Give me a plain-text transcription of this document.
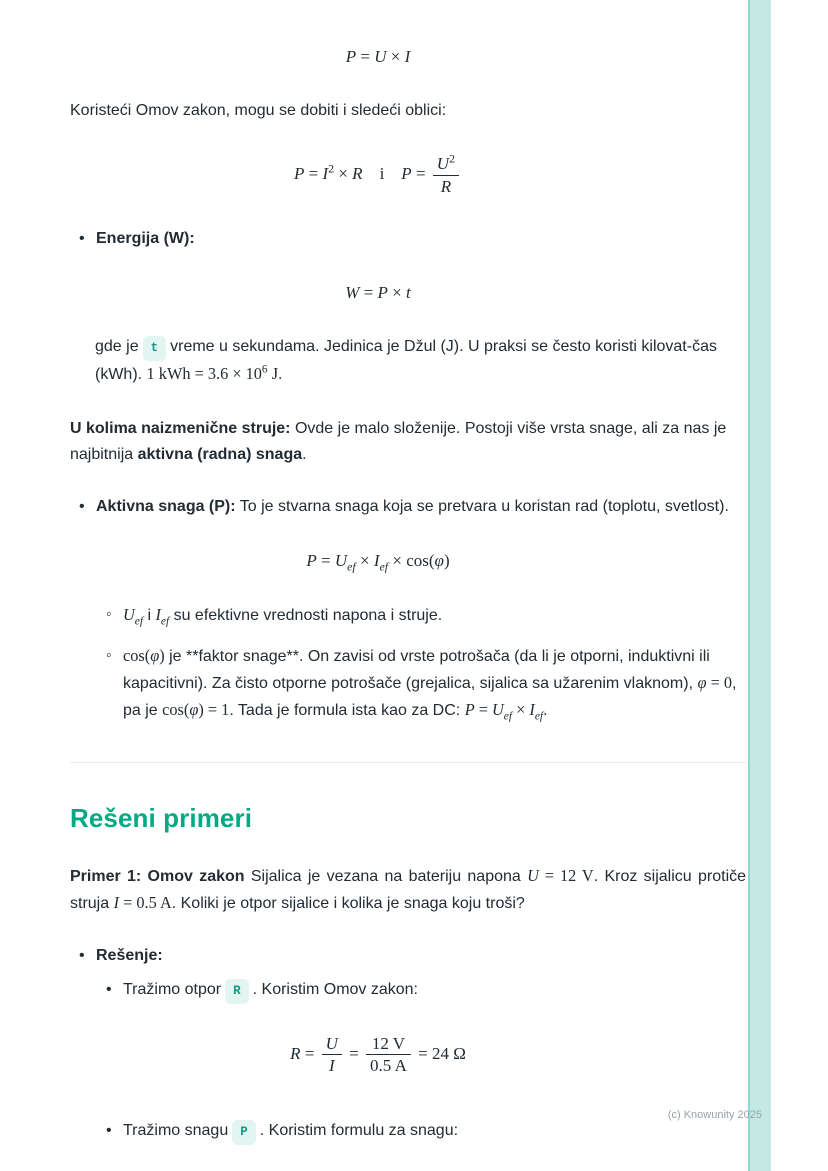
P = U × I

Koristeći Omov zakon, mogu se dobiti i sledeći oblici:

$P = I^2 \times R$    i    $P = \frac{U^2}{R}$
• Energija (W):
W = P × t

gde je t vreme u sekundama. Jedinica je Džul (J). U praksi se često koristi kilovat-čas (kWh). 1 kWh = $3.6 \times 10^6$ J.

U kolima naizmenične struje: Ovde je malo složenije. Postoji više vrsta snage, ali za nas je najbitnija aktivna (radna) snaga.

• Aktivna snaga (P): To je stvarna snaga koja se pretvara u koristan rad (toplotu, svetlost).
$P = U_{ef} \times I_{ef} \times \cos(\varphi)$
◦ $U_{ef}$ i $I_{ef}$ su efektivne vrednosti napona i struje.
◦ cos(φ) je **faktor snage**. On zavisi od vrste potrošača (da li je otporni, induktivni ili kapacitivni). Za čisto otporne potrošače (grejalica, sijalica sa užarenim vlaknom), φ = 0, pa je cos(φ) = 1. Tada je formula ista kao za DC: $P = U_{ef} \times I_{ef}$.
Rešeni primeri

Primer 1: Omov zakon Sijalica je vezana na bateriju napona U = 12 V. Kroz sijalicu protiče struja I = 0.5 A. Koliki je otpor sijalice i kolika je snaga koju troši?

• Rešenje:
• Tražimo otpor R . Koristim Omov zakon:
$R = \frac{U}{I} = \frac{12 V}{0.5 A} = 24$ Ω
• Tražimo snagu P . Koristim formulu za snagu:
(c) Knowunity 2025
